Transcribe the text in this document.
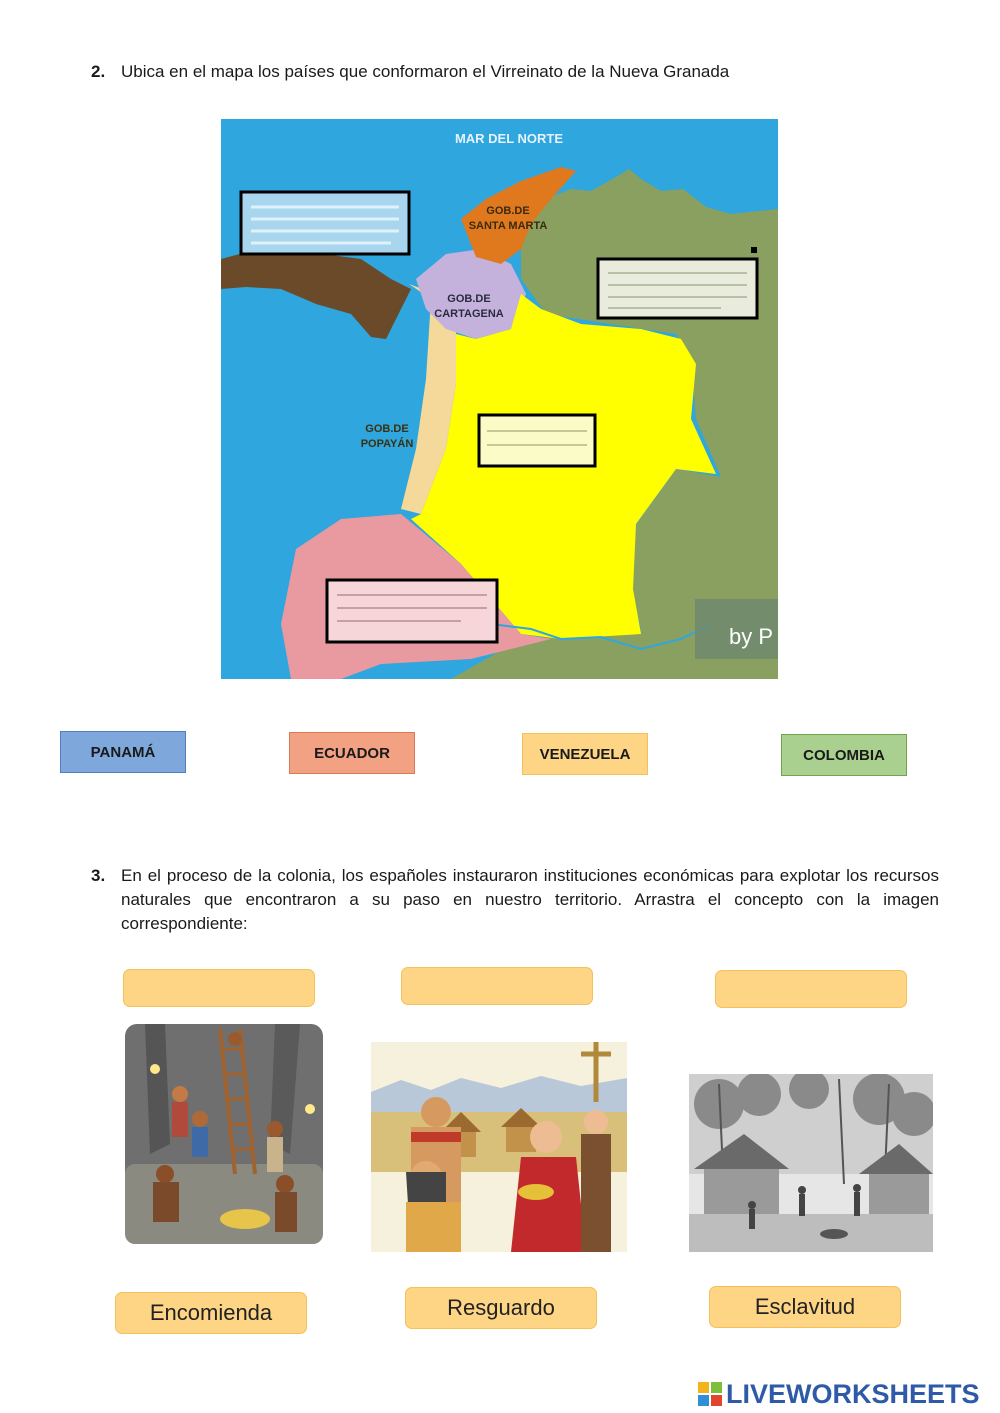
2. Ubica en el mapa los países que conformaron el Virreinato de la Nueva Granada
MAR DEL NORTE
GOB.DE
SANTA MARTA
GOB.DE
CARTAGENA
GOB.DE
POPAYÁN
by P
PANAMÁ	ECUADOR	VENEZUELA	COLOMBIA
3. En el proceso de la colonia, los españoles instauraron instituciones económicas para explotar los recursos naturales que encontraron a su paso en nuestro territorio. Arrastra el concepto con la imagen correspondiente:
Encomienda	Resguardo	Esclavitud
LIVEWORKSHEETS
